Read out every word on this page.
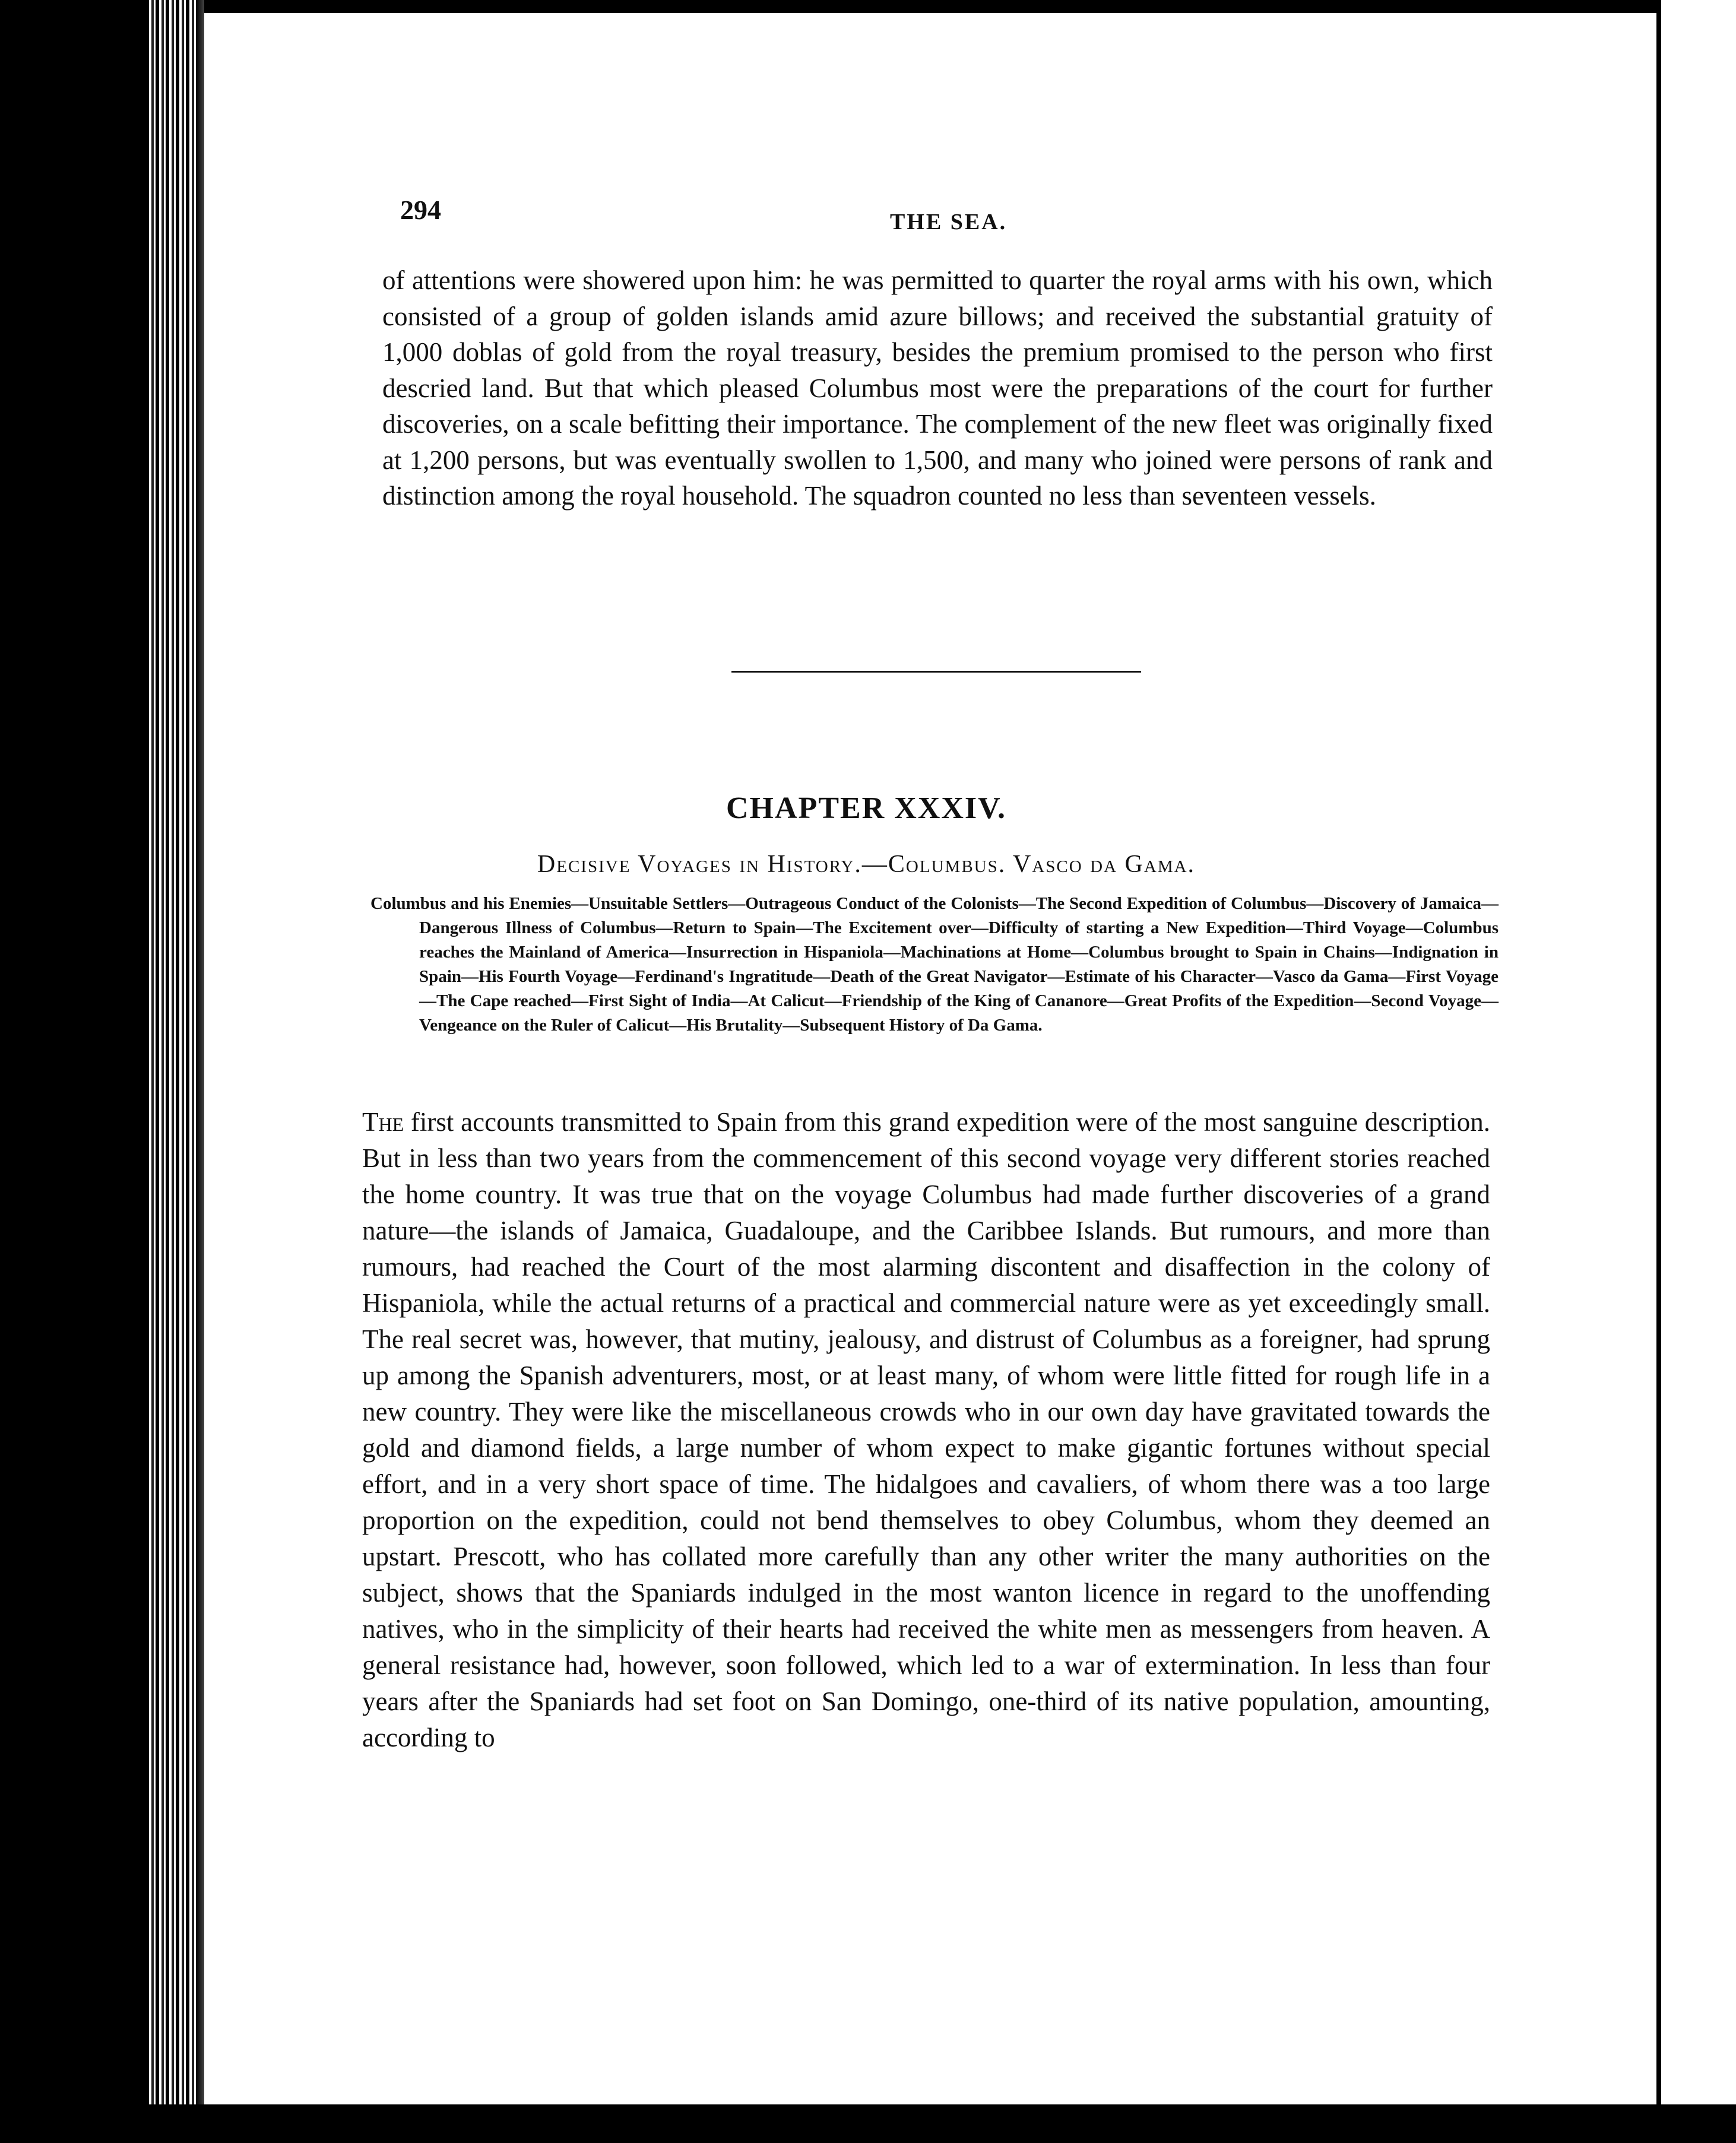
294	THE SEA.

of attentions were showered upon him: he was permitted to quarter the royal arms with his own, which consisted of a group of golden islands amid azure billows; and received the substantial gratuity of 1,000 doblas of gold from the royal treasury, besides the premium promised to the person who first descried land. But that which pleased Columbus most were the preparations of the court for further discoveries, on a scale befitting their importance. The complement of the new fleet was originally fixed at 1,200 persons, but was eventually swollen to 1,500, and many who joined were persons of rank and distinction among the royal household. The squadron counted no less than seventeen vessels.

CHAPTER XXXIV.
Decisive Voyages in History.—Columbus. Vasco da Gama.
Columbus and his Enemies—Unsuitable Settlers—Outrageous Conduct of the Colonists—The Second Expedition of Columbus—Discovery of Jamaica—Dangerous Illness of Columbus—Return to Spain—The Excitement over—Difficulty of starting a New Expedition—Third Voyage—Columbus reaches the Mainland of America—Insurrection in Hispaniola—Machinations at Home—Columbus brought to Spain in Chains—Indignation in Spain—His Fourth Voyage—Ferdinand's Ingratitude—Death of the Great Navigator—Estimate of his Character—Vasco da Gama—First Voyage—The Cape reached—First Sight of India—At Calicut—Friendship of the King of Cananore—Great Profits of the Expedition—Second Voyage—Vengeance on the Ruler of Calicut—His Brutality—Subsequent History of Da Gama.

The first accounts transmitted to Spain from this grand expedition were of the most sanguine description. But in less than two years from the commencement of this second voyage very different stories reached the home country. It was true that on the voyage Columbus had made further discoveries of a grand nature—the islands of Jamaica, Guadaloupe, and the Caribbee Islands. But rumours, and more than rumours, had reached the Court of the most alarming discontent and disaffection in the colony of Hispaniola, while the actual returns of a practical and commercial nature were as yet exceedingly small. The real secret was, however, that mutiny, jealousy, and distrust of Columbus as a foreigner, had sprung up among the Spanish adventurers, most, or at least many, of whom were little fitted for rough life in a new country. They were like the miscellaneous crowds who in our own day have gravitated towards the gold and diamond fields, a large number of whom expect to make gigantic fortunes without special effort, and in a very short space of time. The hidalgoes and cavaliers, of whom there was a too large proportion on the expedition, could not bend themselves to obey Columbus, whom they deemed an upstart. Prescott, who has collated more carefully than any other writer the many authorities on the subject, shows that the Spaniards indulged in the most wanton licence in regard to the unoffending natives, who in the simplicity of their hearts had received the white men as messengers from heaven. A general resistance had, however, soon followed, which led to a war of extermination. In less than four years after the Spaniards had set foot on San Domingo, one-third of its native population, amounting, according to
